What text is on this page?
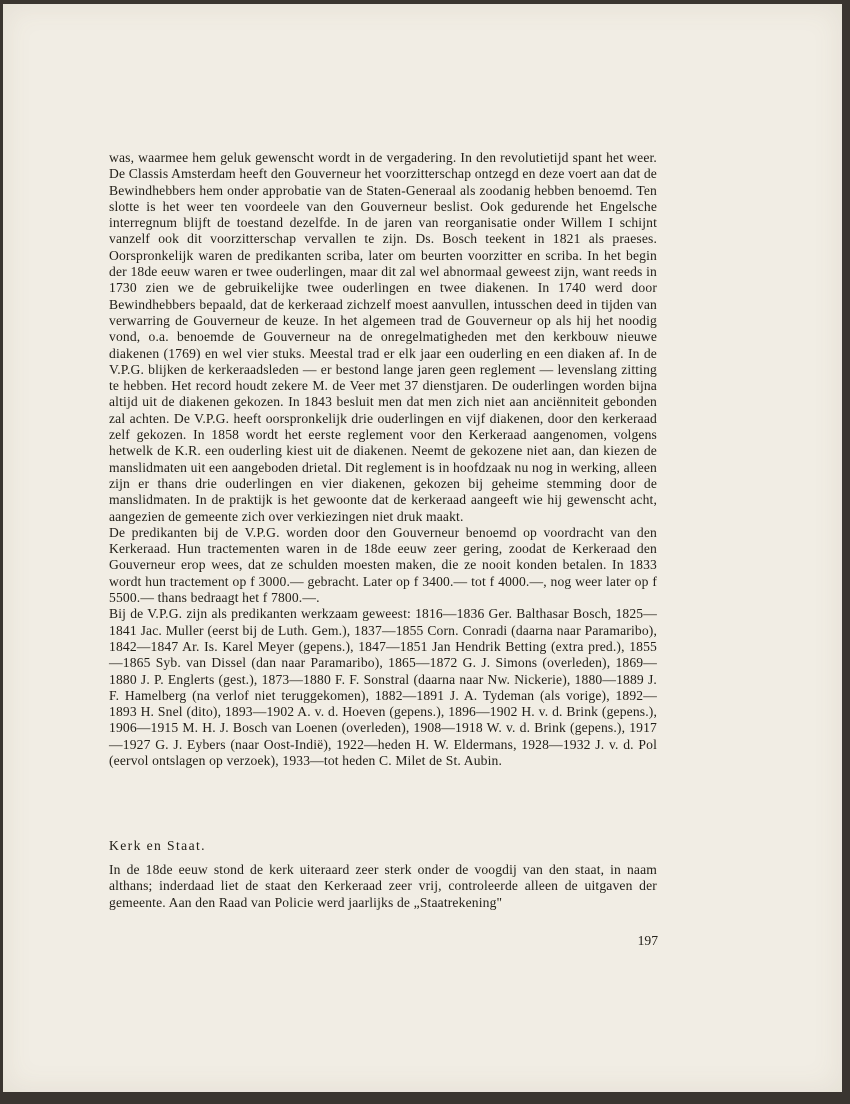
was, waarmee hem geluk gewenscht wordt in de vergadering. In den revolutietijd spant het weer. De Classis Amsterdam heeft den Gouverneur het voorzitterschap ontzegd en deze voert aan dat de Bewindhebbers hem onder approbatie van de Staten-Generaal als zoodanig hebben benoemd. Ten slotte is het weer ten voordeele van den Gouverneur beslist. Ook gedurende het Engelsche interregnum blijft de toestand dezelfde. In de jaren van reorganisatie onder Willem I schijnt vanzelf ook dit voorzitterschap vervallen te zijn. Ds. Bosch teekent in 1821 als praeses. Oorspronkelijk waren de predikanten scriba, later om beurten voorzitter en scriba. In het begin der 18de eeuw waren er twee ouderlingen, maar dit zal wel abnormaal geweest zijn, want reeds in 1730 zien we de gebruikelijke twee ouderlingen en twee diakenen. In 1740 werd door Bewindhebbers bepaald, dat de kerkeraad zichzelf moest aanvullen, intusschen deed in tijden van verwarring de Gouverneur de keuze. In het algemeen trad de Gouverneur op als hij het noodig vond, o.a. benoemde de Gouverneur na de onregelmatigheden met den kerkbouw nieuwe diakenen (1769) en wel vier stuks. Meestal trad er elk jaar een ouderling en een diaken af. In de V.P.G. blijken de kerkeraadsleden — er bestond lange jaren geen reglement — levenslang zitting te hebben. Het record houdt zekere M. de Veer met 37 dienstjaren. De ouderlingen worden bijna altijd uit de diakenen gekozen. In 1843 besluit men dat men zich niet aan anciënniteit gebonden zal achten. De V.P.G. heeft oorspronkelijk drie ouderlingen en vijf diakenen, door den kerkeraad zelf gekozen. In 1858 wordt het eerste reglement voor den Kerkeraad aangenomen, volgens hetwelk de K.R. een ouderling kiest uit de diakenen. Neemt de gekozene niet aan, dan kiezen de manslidmaten uit een aangeboden drietal. Dit reglement is in hoofdzaak nu nog in werking, alleen zijn er thans drie ouderlingen en vier diakenen, gekozen bij geheime stemming door de manslidmaten. In de praktijk is het gewoonte dat de kerkeraad aangeeft wie hij gewenscht acht, aangezien de gemeente zich over verkiezingen niet druk maakt.

De predikanten bij de V.P.G. worden door den Gouverneur benoemd op voordracht van den Kerkeraad. Hun tractementen waren in de 18de eeuw zeer gering, zoodat de Kerkeraad den Gouverneur erop wees, dat ze schulden moesten maken, die ze nooit konden betalen. In 1833 wordt hun tractement op f 3000.— gebracht. Later op f 3400.— tot f 4000.—, nog weer later op f 5500.— thans bedraagt het f 7800.—.

Bij de V.P.G. zijn als predikanten werkzaam geweest: 1816—1836 Ger. Balthasar Bosch, 1825—1841 Jac. Muller (eerst bij de Luth. Gem.), 1837—1855 Corn. Conradi (daarna naar Paramaribo), 1842—1847 Ar. Is. Karel Meyer (gepens.), 1847—1851 Jan Hendrik Betting (extra pred.), 1855—1865 Syb. van Dissel (dan naar Paramaribo), 1865—1872 G. J. Simons (overleden), 1869—1880 J. P. Englerts (gest.), 1873—1880 F. F. Sonstral (daarna naar Nw. Nickerie), 1880—1889 J. F. Hamelberg (na verlof niet teruggekomen), 1882—1891 J. A. Tydeman (als vorige), 1892—1893 H. Snel (dito), 1893—1902 A. v. d. Hoeven (gepens.), 1896—1902 H. v. d. Brink (gepens.), 1906—1915 M. H. J. Bosch van Loenen (overleden), 1908—1918 W. v. d. Brink (gepens.), 1917—1927 G. J. Eybers (naar Oost-Indië), 1922—heden H. W. Eldermans, 1928—1932 J. v. d. Pol (eervol ontslagen op verzoek), 1933—tot heden C. Milet de St. Aubin.

Kerk en Staat.

In de 18de eeuw stond de kerk uiteraard zeer sterk onder de voogdij van den staat, in naam althans; inderdaad liet de staat den Kerkeraad zeer vrij, controleerde alleen de uitgaven der gemeente. Aan den Raad van Policie werd jaarlijks de „Staatrekening"

197
